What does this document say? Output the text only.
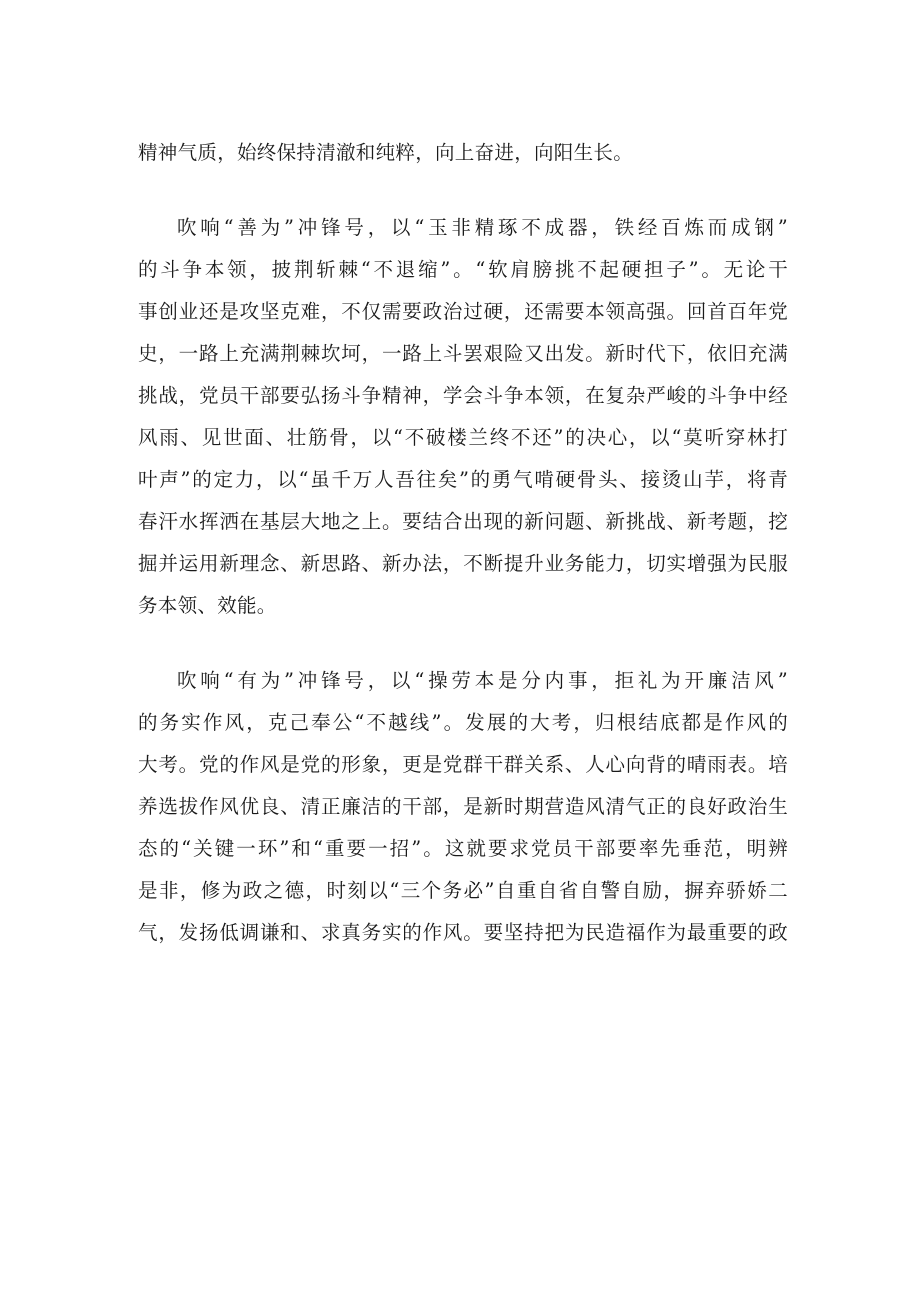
精神气质，始终保持清澈和纯粹，向上奋进，向阳生长。
吹响“善为”冲锋号，以“玉非精琢不成器，铁经百炼而成钢”
的斗争本领，披荆斩棘“不退缩”。“软肩膀挑不起硬担子”。无论干
事创业还是攻坚克难，不仅需要政治过硬，还需要本领高强。回首百年党
史，一路上充满荆棘坎坷，一路上斗罢艰险又出发。新时代下，依旧充满
挑战，党员干部要弘扬斗争精神，学会斗争本领，在复杂严峻的斗争中经
风雨、见世面、壮筋骨，以“不破楼兰终不还”的决心，以“莫听穿林打
叶声”的定力，以“虽千万人吾往矣”的勇气啃硬骨头、接烫山芋，将青
春汗水挥洒在基层大地之上。要结合出现的新问题、新挑战、新考题，挖
掘并运用新理念、新思路、新办法，不断提升业务能力，切实增强为民服
务本领、效能。
吹响“有为”冲锋号，以“操劳本是分内事，拒礼为开廉洁风”
的务实作风，克己奉公“不越线”。发展的大考，归根结底都是作风的
大考。党的作风是党的形象，更是党群干群关系、人心向背的晴雨表。培
养选拔作风优良、清正廉洁的干部，是新时期营造风清气正的良好政治生
态的“关键一环”和“重要一招”。这就要求党员干部要率先垂范，明辨
是非，修为政之德，时刻以“三个务必”自重自省自警自励，摒弃骄娇二
气，发扬低调谦和、求真务实的作风。要坚持把为民造福作为最重要的政
